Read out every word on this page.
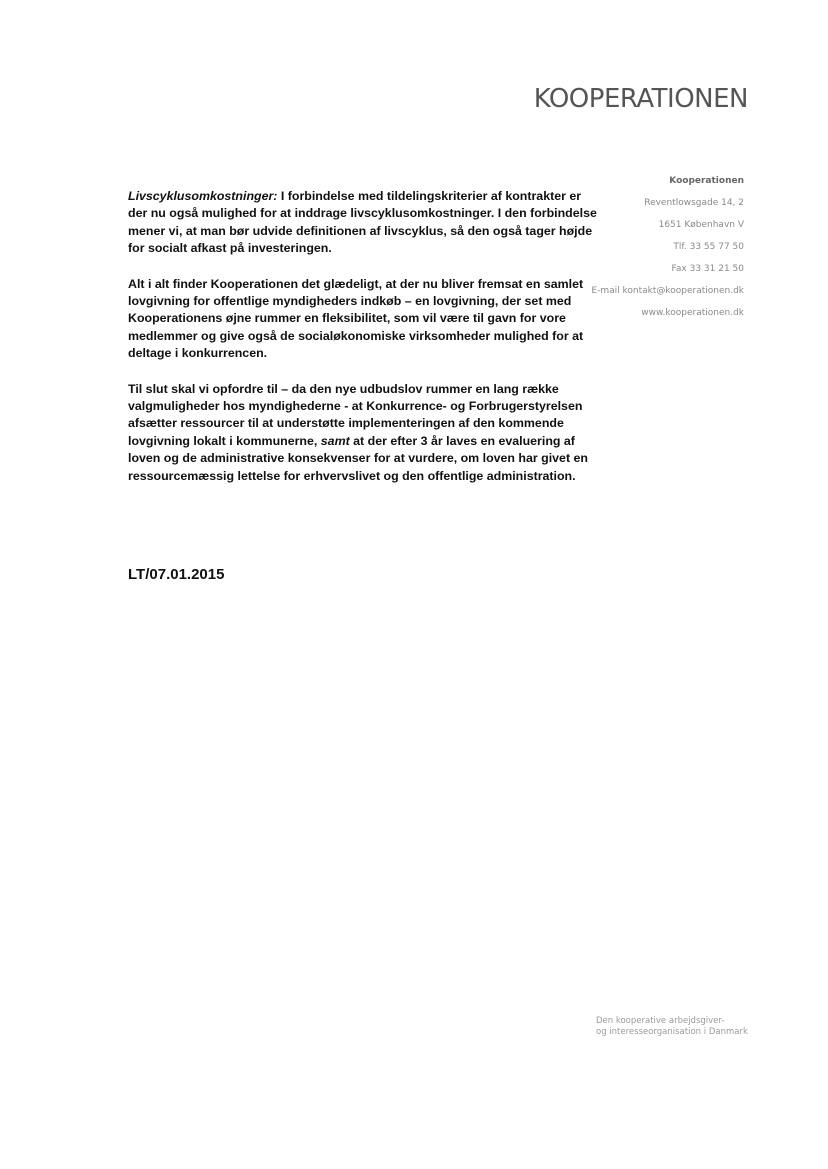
KOOPERATIONEN
Kooperationen
Reventlowsgade 14, 2
1651 København V
Tlf. 33 55 77 50
Fax 33 31 21 50
E-mail kontakt@kooperationen.dk
www.kooperationen.dk

Livscyklusomkostninger: I forbindelse med tildelingskriterier af kontrakter er der nu også mulighed for at inddrage livscyklusomkostninger. I den forbindelse mener vi, at man bør udvide definitionen af livscyklus, så den også tager højde for socialt afkast på investeringen.

Alt i alt finder Kooperationen det glædeligt, at der nu bliver fremsat en samlet lovgivning for offentlige myndigheders indkøb – en lovgivning, der set med Kooperationens øjne rummer en fleksibilitet, som vil være til gavn for vore medlemmer og give også de socialøkonomiske virksomheder mulighed for at deltage i konkurrencen.

Til slut skal vi opfordre til – da den nye udbudslov rummer en lang række valgmuligheder hos myndighederne - at Konkurrence- og Forbrugerstyrelsen afsætter ressourcer til at understøtte implementeringen af den kommende lovgivning lokalt i kommunerne, samt at der efter 3 år laves en evaluering af loven og de administrative konsekvenser for at vurdere, om loven har givet en ressourcemæssig lettelse for erhvervslivet og den offentlige administration.

LT/07.01.2015
Den kooperative arbejdsgiver-
og interesseorganisation i Danmark
